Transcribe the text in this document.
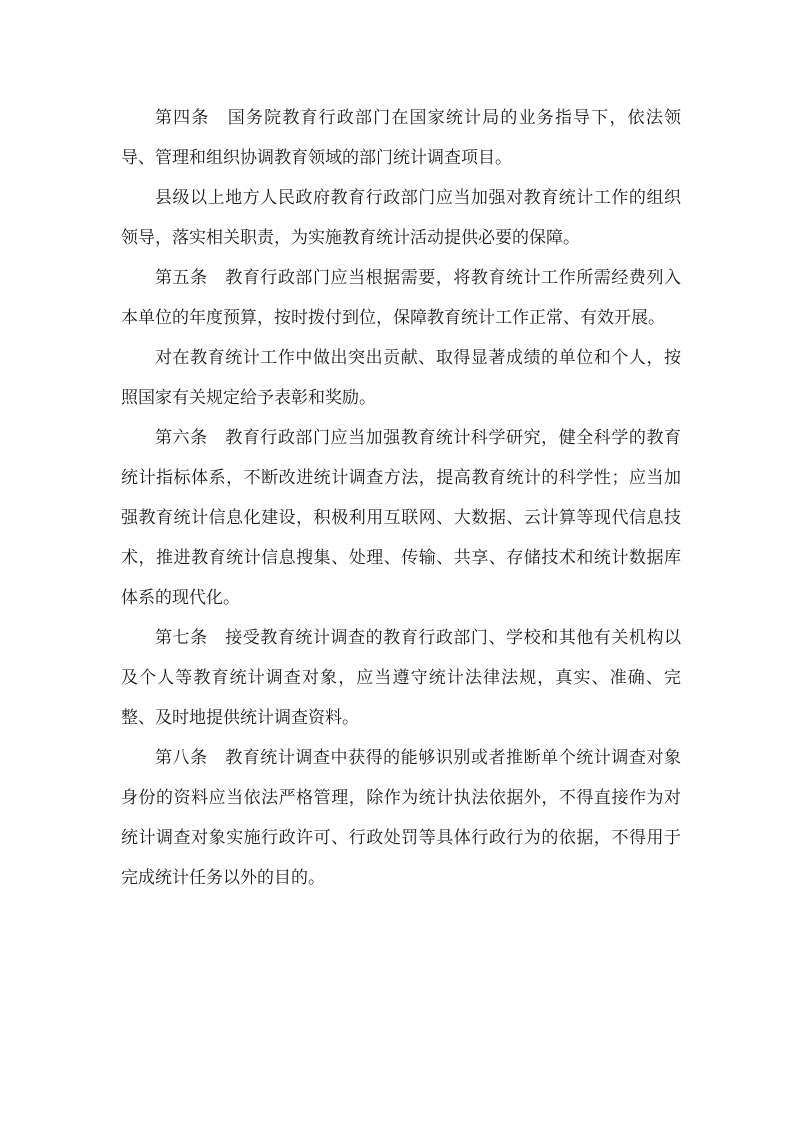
第四条 国务院教育行政部门在国家统计局的业务指导下，依法领导、管理和组织协调教育领域的部门统计调查项目。

县级以上地方人民政府教育行政部门应当加强对教育统计工作的组织领导，落实相关职责，为实施教育统计活动提供必要的保障。

第五条 教育行政部门应当根据需要，将教育统计工作所需经费列入本单位的年度预算，按时拨付到位，保障教育统计工作正常、有效开展。

对在教育统计工作中做出突出贡献、取得显著成绩的单位和个人，按照国家有关规定给予表彰和奖励。

第六条 教育行政部门应当加强教育统计科学研究，健全科学的教育统计指标体系，不断改进统计调查方法，提高教育统计的科学性；应当加强教育统计信息化建设，积极利用互联网、大数据、云计算等现代信息技术，推进教育统计信息搜集、处理、传输、共享、存储技术和统计数据库体系的现代化。

第七条 接受教育统计调查的教育行政部门、学校和其他有关机构以及个人等教育统计调查对象，应当遵守统计法律法规，真实、准确、完整、及时地提供统计调查资料。

第八条 教育统计调查中获得的能够识别或者推断单个统计调查对象身份的资料应当依法严格管理，除作为统计执法依据外，不得直接作为对统计调查对象实施行政许可、行政处罚等具体行政行为的依据，不得用于完成统计任务以外的目的。
